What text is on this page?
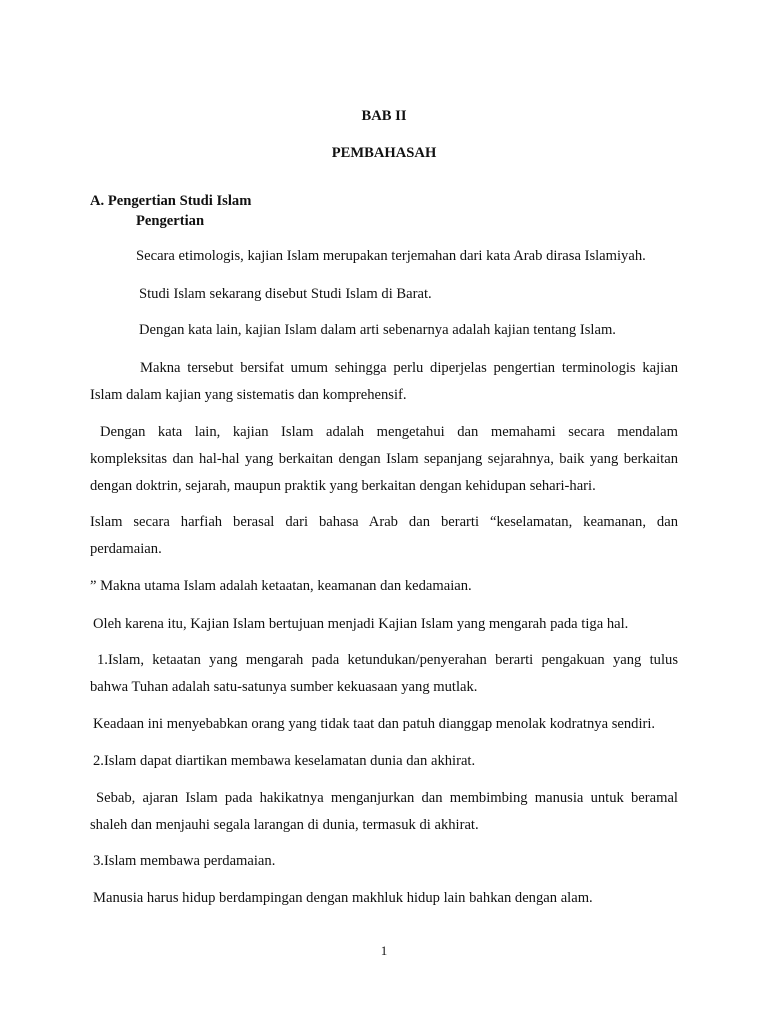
BAB II
PEMBAHASAH
A. Pengertian Studi Islam
Pengertian
Secara etimologis, kajian Islam merupakan terjemahan dari kata Arab dirasa Islamiyah.
Studi Islam sekarang disebut Studi Islam di Barat.
Dengan kata lain, kajian Islam dalam arti sebenarnya adalah kajian tentang Islam.
Makna tersebut bersifat umum sehingga perlu diperjelas pengertian terminologis kajian
Islam dalam kajian yang sistematis dan komprehensif.
Dengan kata lain, kajian Islam adalah mengetahui dan memahami secara mendalam
kompleksitas dan hal-hal yang berkaitan dengan Islam sepanjang sejarahnya, baik yang berkaitan
dengan doktrin, sejarah, maupun praktik yang berkaitan dengan kehidupan sehari-hari.
Islam secara harfiah berasal dari bahasa Arab dan berarti “keselamatan, keamanan, dan
perdamaian.
” Makna utama Islam adalah ketaatan, keamanan dan kedamaian.
Oleh karena itu, Kajian Islam bertujuan menjadi Kajian Islam yang mengarah pada tiga hal.
1.Islam, ketaatan yang mengarah pada ketundukan/penyerahan berarti pengakuan yang tulus
bahwa Tuhan adalah satu-satunya sumber kekuasaan yang mutlak.
Keadaan ini menyebabkan orang yang tidak taat dan patuh dianggap menolak kodratnya sendiri.
2.Islam dapat diartikan membawa keselamatan dunia dan akhirat.
Sebab, ajaran Islam pada hakikatnya menganjurkan dan membimbing manusia untuk beramal
shaleh dan menjauhi segala larangan di dunia, termasuk di akhirat.
3.Islam membawa perdamaian.
Manusia harus hidup berdampingan dengan makhluk hidup lain bahkan dengan alam.
1
